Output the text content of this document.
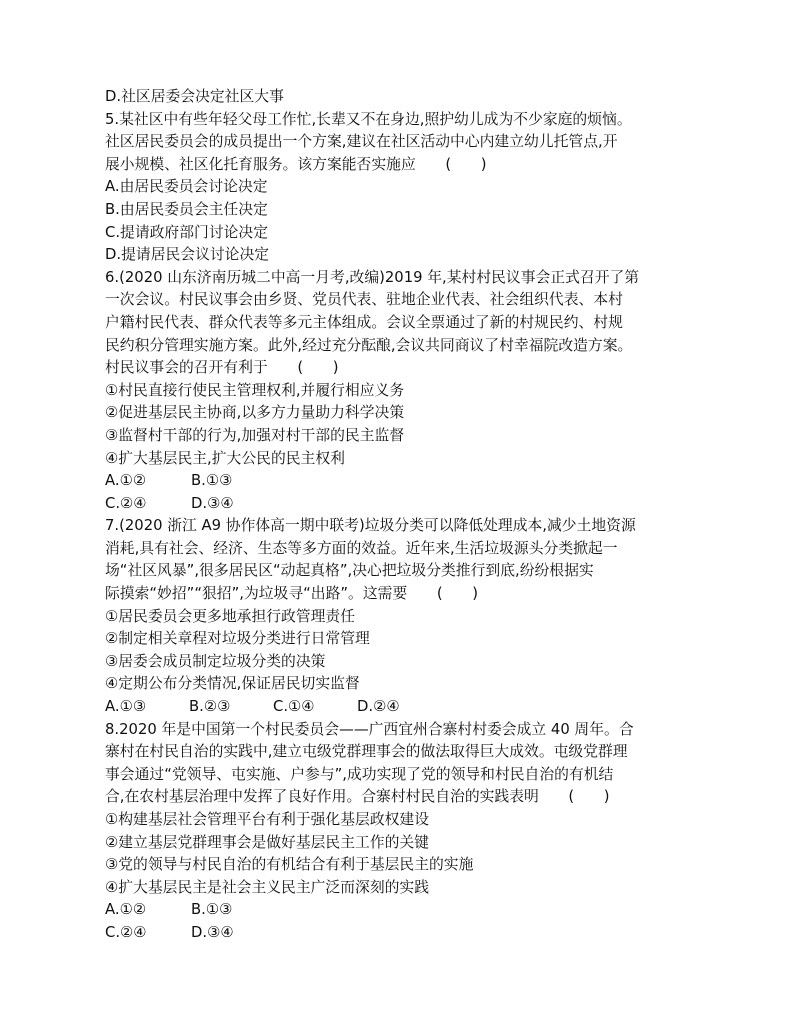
D.社区居委会决定社区大事
5.某社区中有些年轻父母工作忙,长辈又不在身边,照护幼儿成为不少家庭的烦恼。
社区居民委员会的成员提出一个方案,建议在社区活动中心内建立幼儿托管点,开
展小规模、社区化托育服务。该方案能否实施应　　(　　)
A.由居民委员会讨论决定
B.由居民委员会主任决定
C.提请政府部门讨论决定
D.提请居民会议讨论决定
6.(2020 山东济南历城二中高一月考,改编)2019 年,某村村民议事会正式召开了第
一次会议。村民议事会由乡贤、党员代表、驻地企业代表、社会组织代表、本村
户籍村民代表、群众代表等多元主体组成。会议全票通过了新的村规民约、村规
民约积分管理实施方案。此外,经过充分酝酿,会议共同商议了村幸福院改造方案。
村民议事会的召开有利于　　(　　)
①村民直接行使民主管理权利,并履行相应义务
②促进基层民主协商,以多方力量助力科学决策
③监督村干部的行为,加强对村干部的民主监督
④扩大基层民主,扩大公民的民主权利
A.①②	B.①③
C.②④	D.③④
7.(2020 浙江 A9 协作体高一期中联考)垃圾分类可以降低处理成本,减少土地资源
消耗,具有社会、经济、生态等多方面的效益。近年来,生活垃圾源头分类掀起一
场“社区风暴”,很多居民区“动起真格”,决心把垃圾分类推行到底,纷纷根据实
际摸索“妙招”“狠招”,为垃圾寻“出路”。这需要　　(　　)
①居民委员会更多地承担行政管理责任
②制定相关章程对垃圾分类进行日常管理
③居委会成员制定垃圾分类的决策
④定期公布分类情况,保证居民切实监督
A.①③	B.②③	C.①④	D.②④
8.2020 年是中国第一个村民委员会——广西宜州合寨村村委会成立 40 周年。合
寨村在村民自治的实践中,建立屯级党群理事会的做法取得巨大成效。屯级党群理
事会通过“党领导、屯实施、户参与”,成功实现了党的领导和村民自治的有机结
合,在农村基层治理中发挥了良好作用。合寨村村民自治的实践表明　　(　　)
①构建基层社会管理平台有利于强化基层政权建设
②建立基层党群理事会是做好基层民主工作的关键
③党的领导与村民自治的有机结合有利于基层民主的实施
④扩大基层民主是社会主义民主广泛而深刻的实践
A.①②	B.①③
C.②④	D.③④
